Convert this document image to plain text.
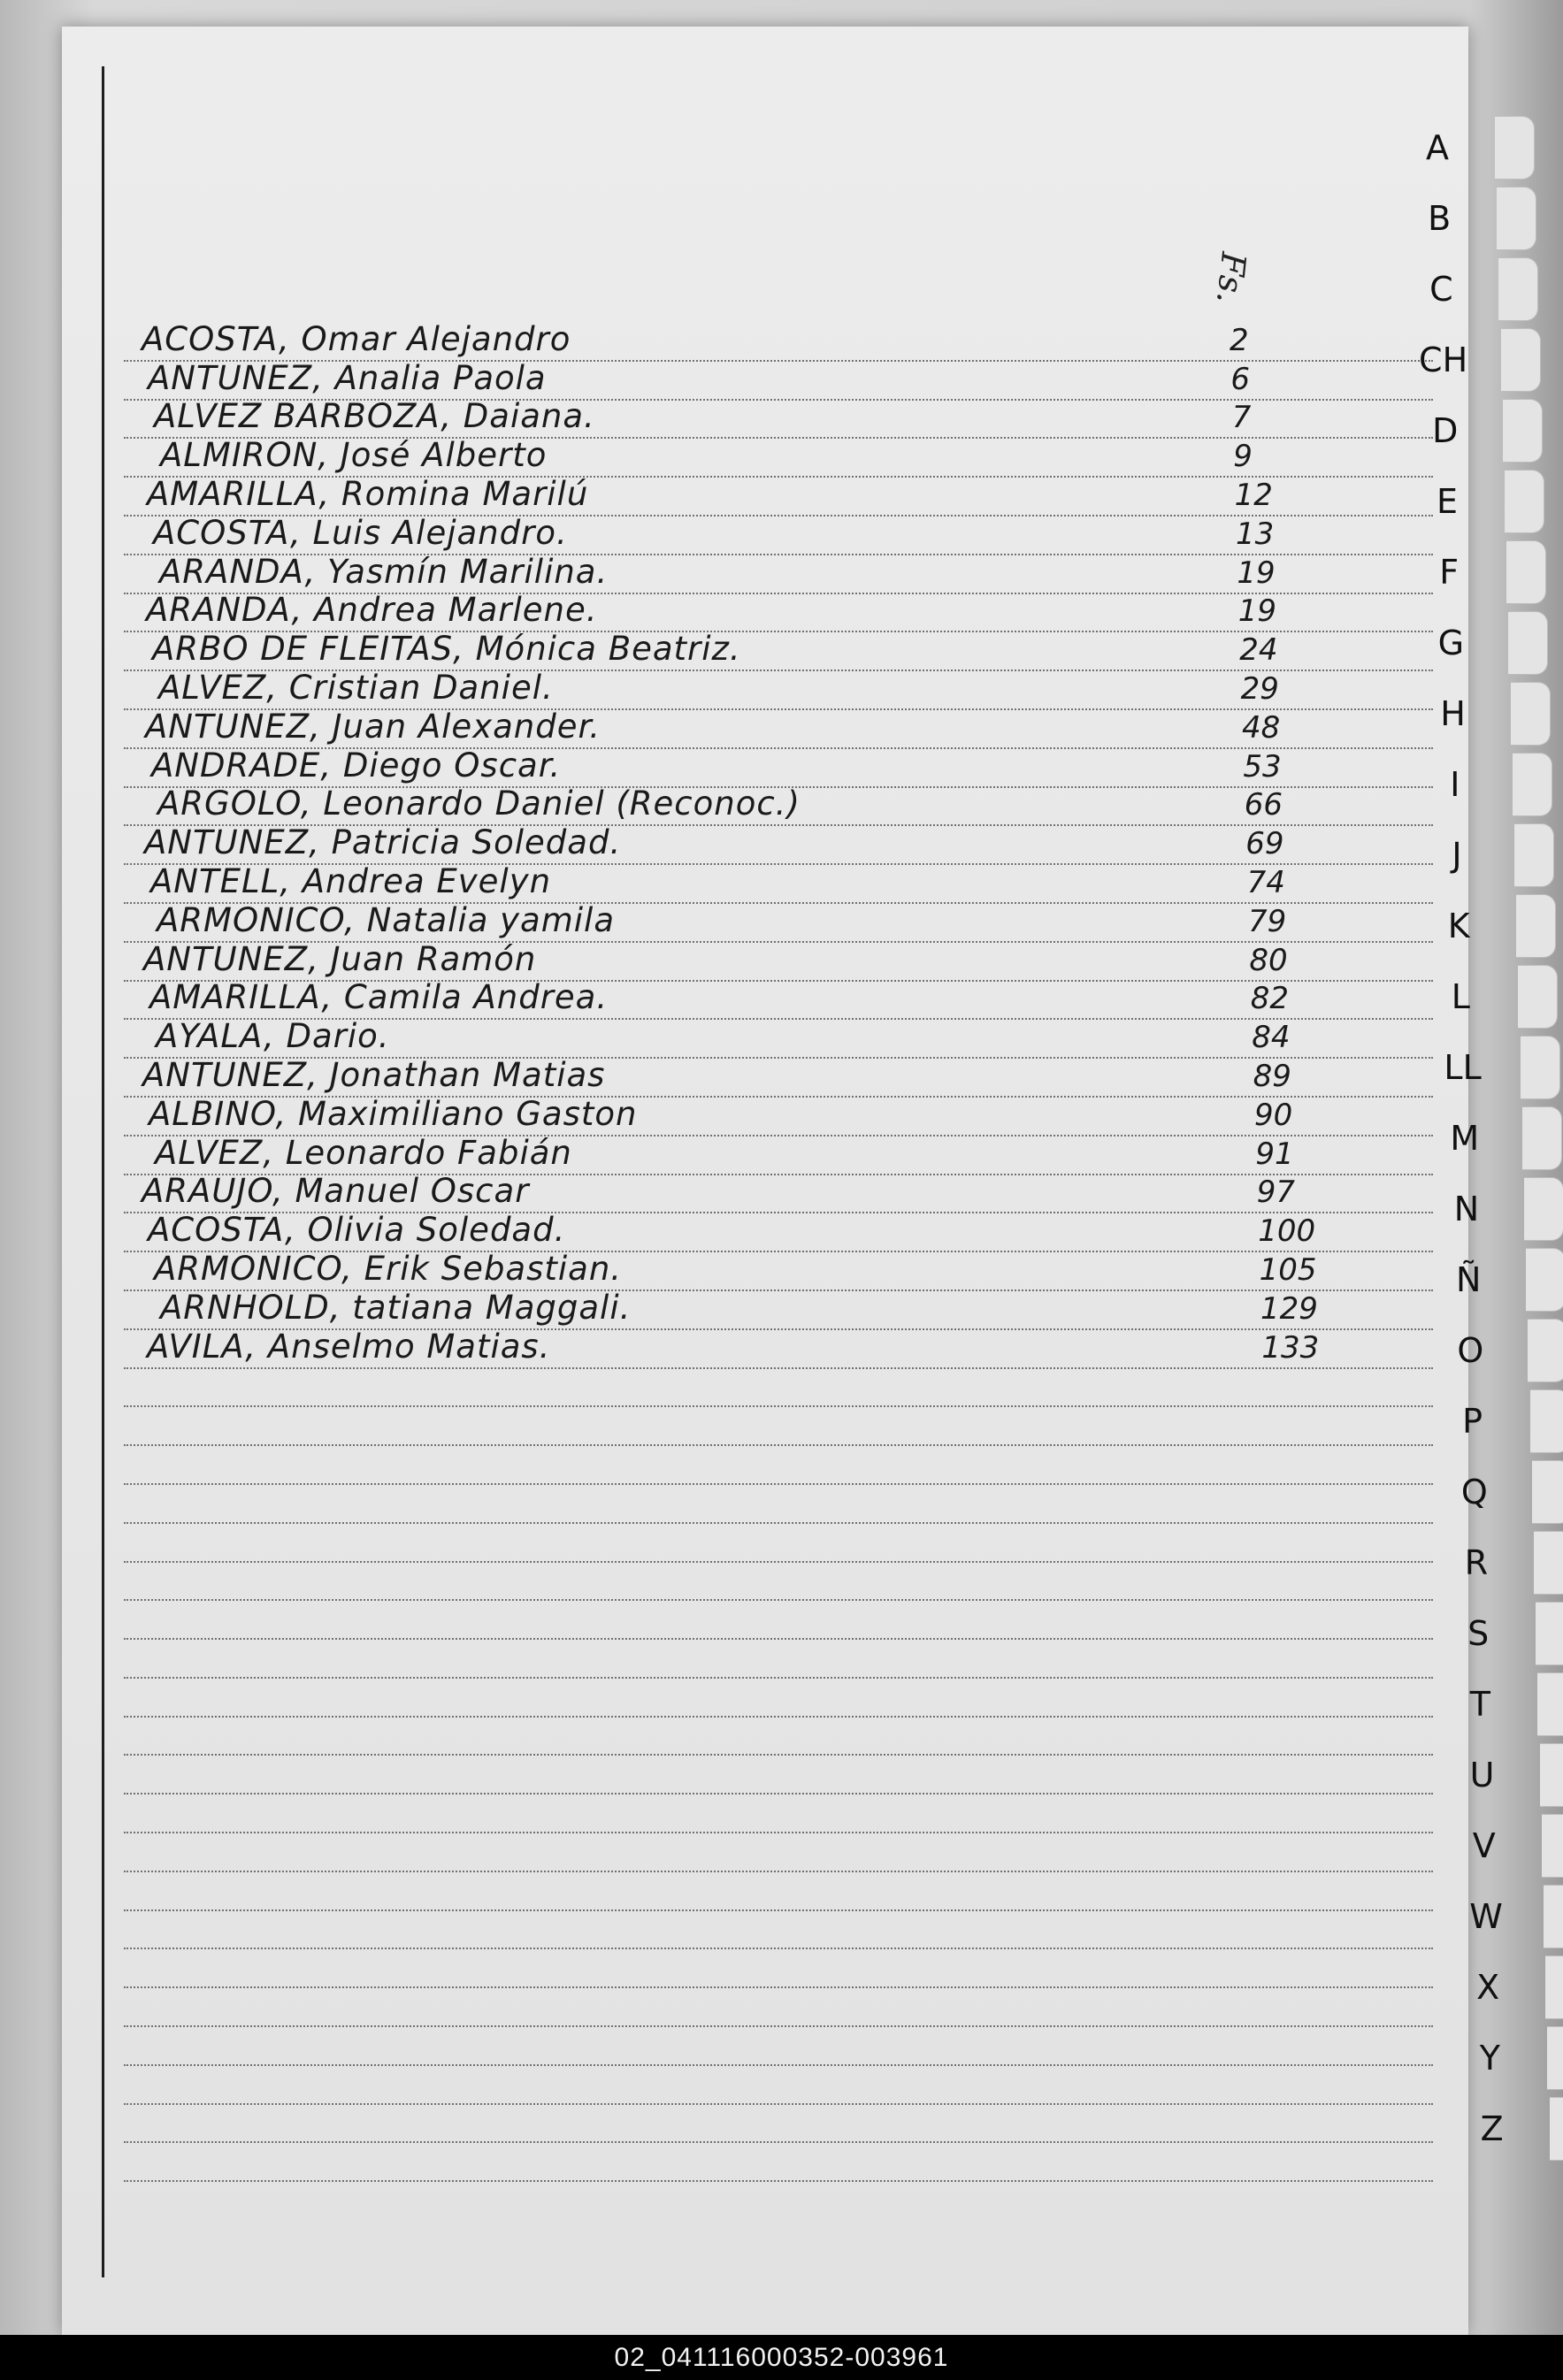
Fs.
ACOSTA, Omar Alejandro	2
ANTUNEZ, Analia Paola	6
ALVEZ BARBOZA, Daiana.	7
ALMIRON, José Alberto	9
AMARILLA, Romina Marilú	12
ACOSTA, Luis Alejandro.	13
ARANDA, Yasmín Marilina.	19
ARANDA, Andrea Marlene.	19
ARBO DE FLEITAS, Mónica Beatriz.	24
ALVEZ, Cristian Daniel.	29
ANTUNEZ, Juan Alexander.	48
ANDRADE, Diego Oscar.	53
ARGOLO, Leonardo Daniel (Reconoc.)	66
ANTUNEZ, Patricia Soledad.	69
ANTELL, Andrea Evelyn	74
ARMONICO, Natalia yamila	79
ANTUNEZ, Juan Ramón	80
AMARILLA, Camila Andrea.	82
AYALA, Dario.	84
ANTUNEZ, Jonathan Matias	89
ALBINO, Maximiliano Gaston	90
ALVEZ, Leonardo Fabián	91
ARAUJO, Manuel Oscar	97
ACOSTA, Olivia Soledad.	100
ARMONICO, Erik Sebastian.	105
ARNHOLD, tatiana Maggali.	129
AVILA, Anselmo Matias.	133
A
B
C
CH
D
E
F
G
H
I
J
K
L
LL
M
N
Ñ
O
P
Q
R
S
T
U
V
W
X
Y
Z
02_041116000352-003961
